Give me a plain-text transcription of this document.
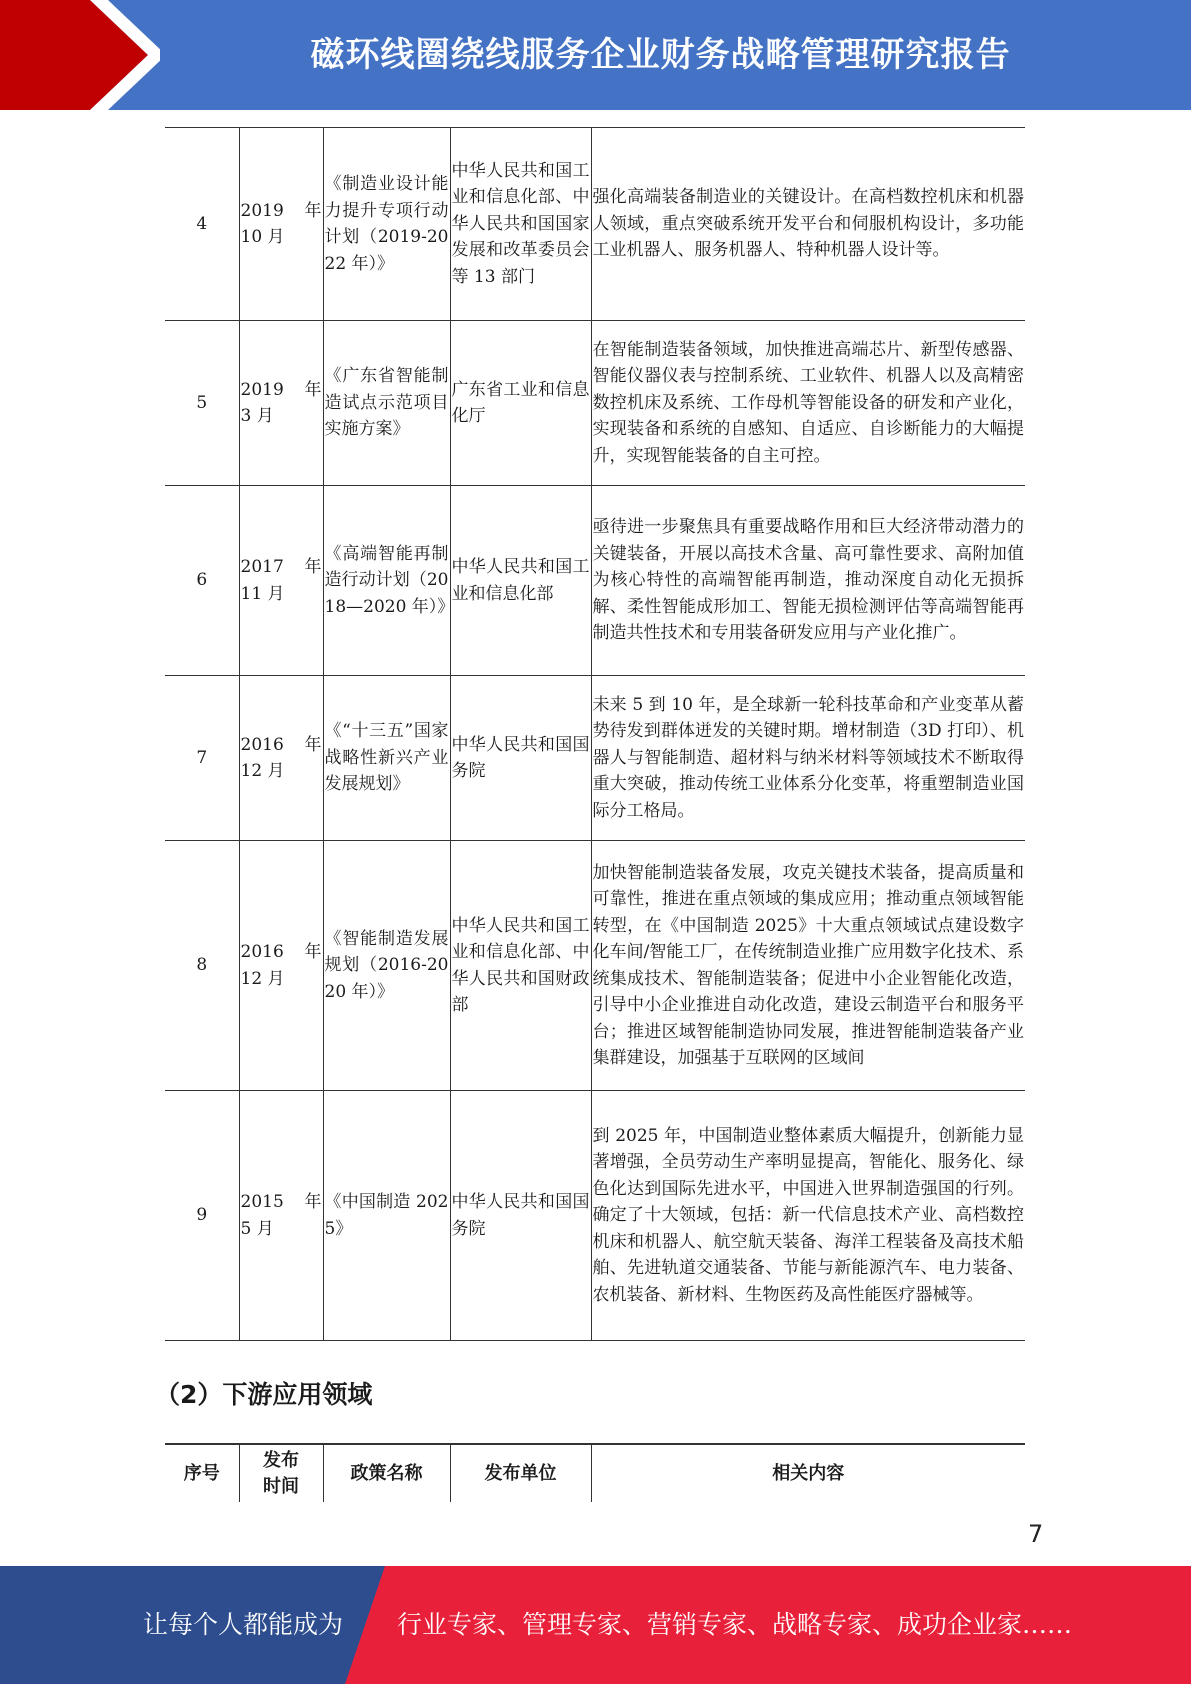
磁环线圈绕线服务企业财务战略管理研究报告
4	2019 年 10 月	《制造业设计能力提升专项行动计划（2019-2022 年）》	中华人民共和国工业和信息化部、中华人民共和国国家发展和改革委员会等 13 部门	强化高端装备制造业的关键设计。在高档数控机床和机器人领域，重点突破系统开发平台和伺服机构设计，多功能工业机器人、服务机器人、特种机器人设计等。
5	2019 年 3 月	《广东省智能制造试点示范项目实施方案》	广东省工业和信息化厅	在智能制造装备领域，加快推进高端芯片、新型传感器、智能仪器仪表与控制系统、工业软件、机器人以及高精密数控机床及系统、工作母机等智能设备的研发和产业化，实现装备和系统的自感知、自适应、自诊断能力的大幅提升，实现智能装备的自主可控。
6	2017 年 11 月	《高端智能再制造行动计划（2018—2020 年）》	中华人民共和国工业和信息化部	亟待进一步聚焦具有重要战略作用和巨大经济带动潜力的关键装备，开展以高技术含量、高可靠性要求、高附加值为核心特性的高端智能再制造，推动深度自动化无损拆解、柔性智能成形加工、智能无损检测评估等高端智能再制造共性技术和专用装备研发应用与产业化推广。
7	2016 年 12 月	《“十三五”国家战略性新兴产业发展规划》	中华人民共和国国务院	未来 5 到 10 年，是全球新一轮科技革命和产业变革从蓄势待发到群体迸发的关键时期。增材制造（3D 打印）、机器人与智能制造、超材料与纳米材料等领域技术不断取得重大突破，推动传统工业体系分化变革，将重塑制造业国际分工格局。
8	2016 年 12 月	《智能制造发展规划（2016-2020 年）》	中华人民共和国工业和信息化部、中华人民共和国财政部	加快智能制造装备发展，攻克关键技术装备，提高质量和可靠性，推进在重点领域的集成应用；推动重点领域智能转型，在《中国制造 2025》十大重点领域试点建设数字化车间/智能工厂，在传统制造业推广应用数字化技术、系统集成技术、智能制造装备；促进中小企业智能化改造，引导中小企业推进自动化改造，建设云制造平台和服务平台；推进区域智能制造协同发展，推进智能制造装备产业集群建设，加强基于互联网的区域间
9	2015 年 5 月	《中国制造 2025》	中华人民共和国国务院	到 2025 年，中国制造业整体素质大幅提升，创新能力显著增强，全员劳动生产率明显提高，智能化、服务化、绿色化达到国际先进水平，中国进入世界制造强国的行列。确定了十大领域，包括：新一代信息技术产业、高档数控机床和机器人、航空航天装备、海洋工程装备及高技术船舶、先进轨道交通装备、节能与新能源汽车、电力装备、农机装备、新材料、生物医药及高性能医疗器械等。
（2）下游应用领域
序号	发布时间	政策名称	发布单位	相关内容
7
让每个人都能成为 行业专家、管理专家、营销专家、战略专家、成功企业家……
